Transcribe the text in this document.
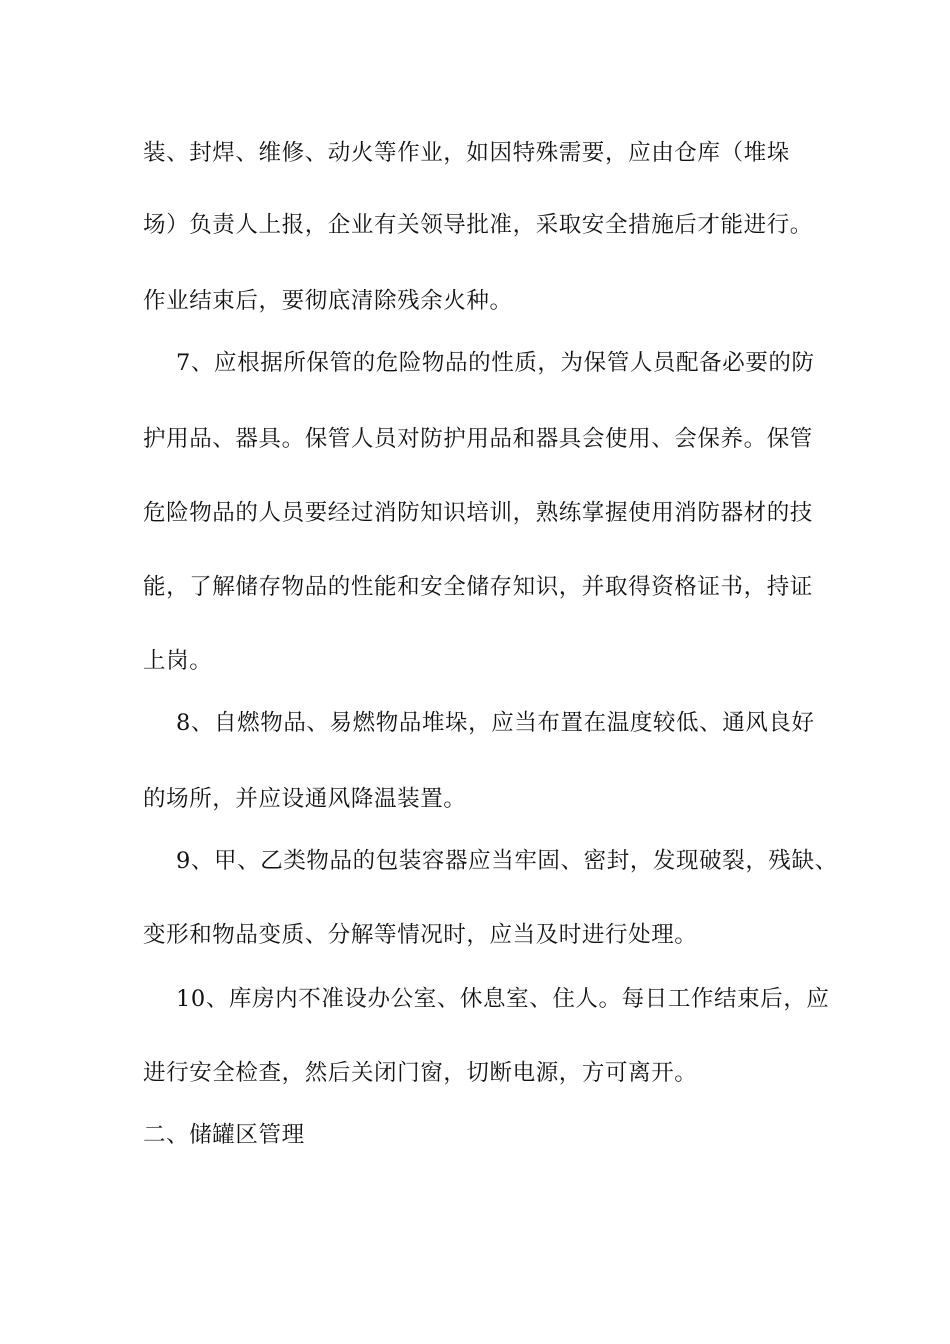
装、封焊、维修、动火等作业，如因特殊需要，应由仓库（堆垛
场）负责人上报，企业有关领导批准，采取安全措施后才能进行。
作业结束后，要彻底清除残余火种。
7、应根据所保管的危险物品的性质，为保管人员配备必要的防
护用品、器具。保管人员对防护用品和器具会使用、会保养。保管
危险物品的人员要经过消防知识培训，熟练掌握使用消防器材的技
能，了解储存物品的性能和安全储存知识，并取得资格证书，持证
上岗。
8、自燃物品、易燃物品堆垛，应当布置在温度较低、通风良好
的场所，并应设通风降温装置。
9、甲、乙类物品的包装容器应当牢固、密封，发现破裂，残缺、
变形和物品变质、分解等情况时，应当及时进行处理。
10、库房内不准设办公室、休息室、住人。每日工作结束后，应
进行安全检查，然后关闭门窗，切断电源，方可离开。
二、储罐区管理
